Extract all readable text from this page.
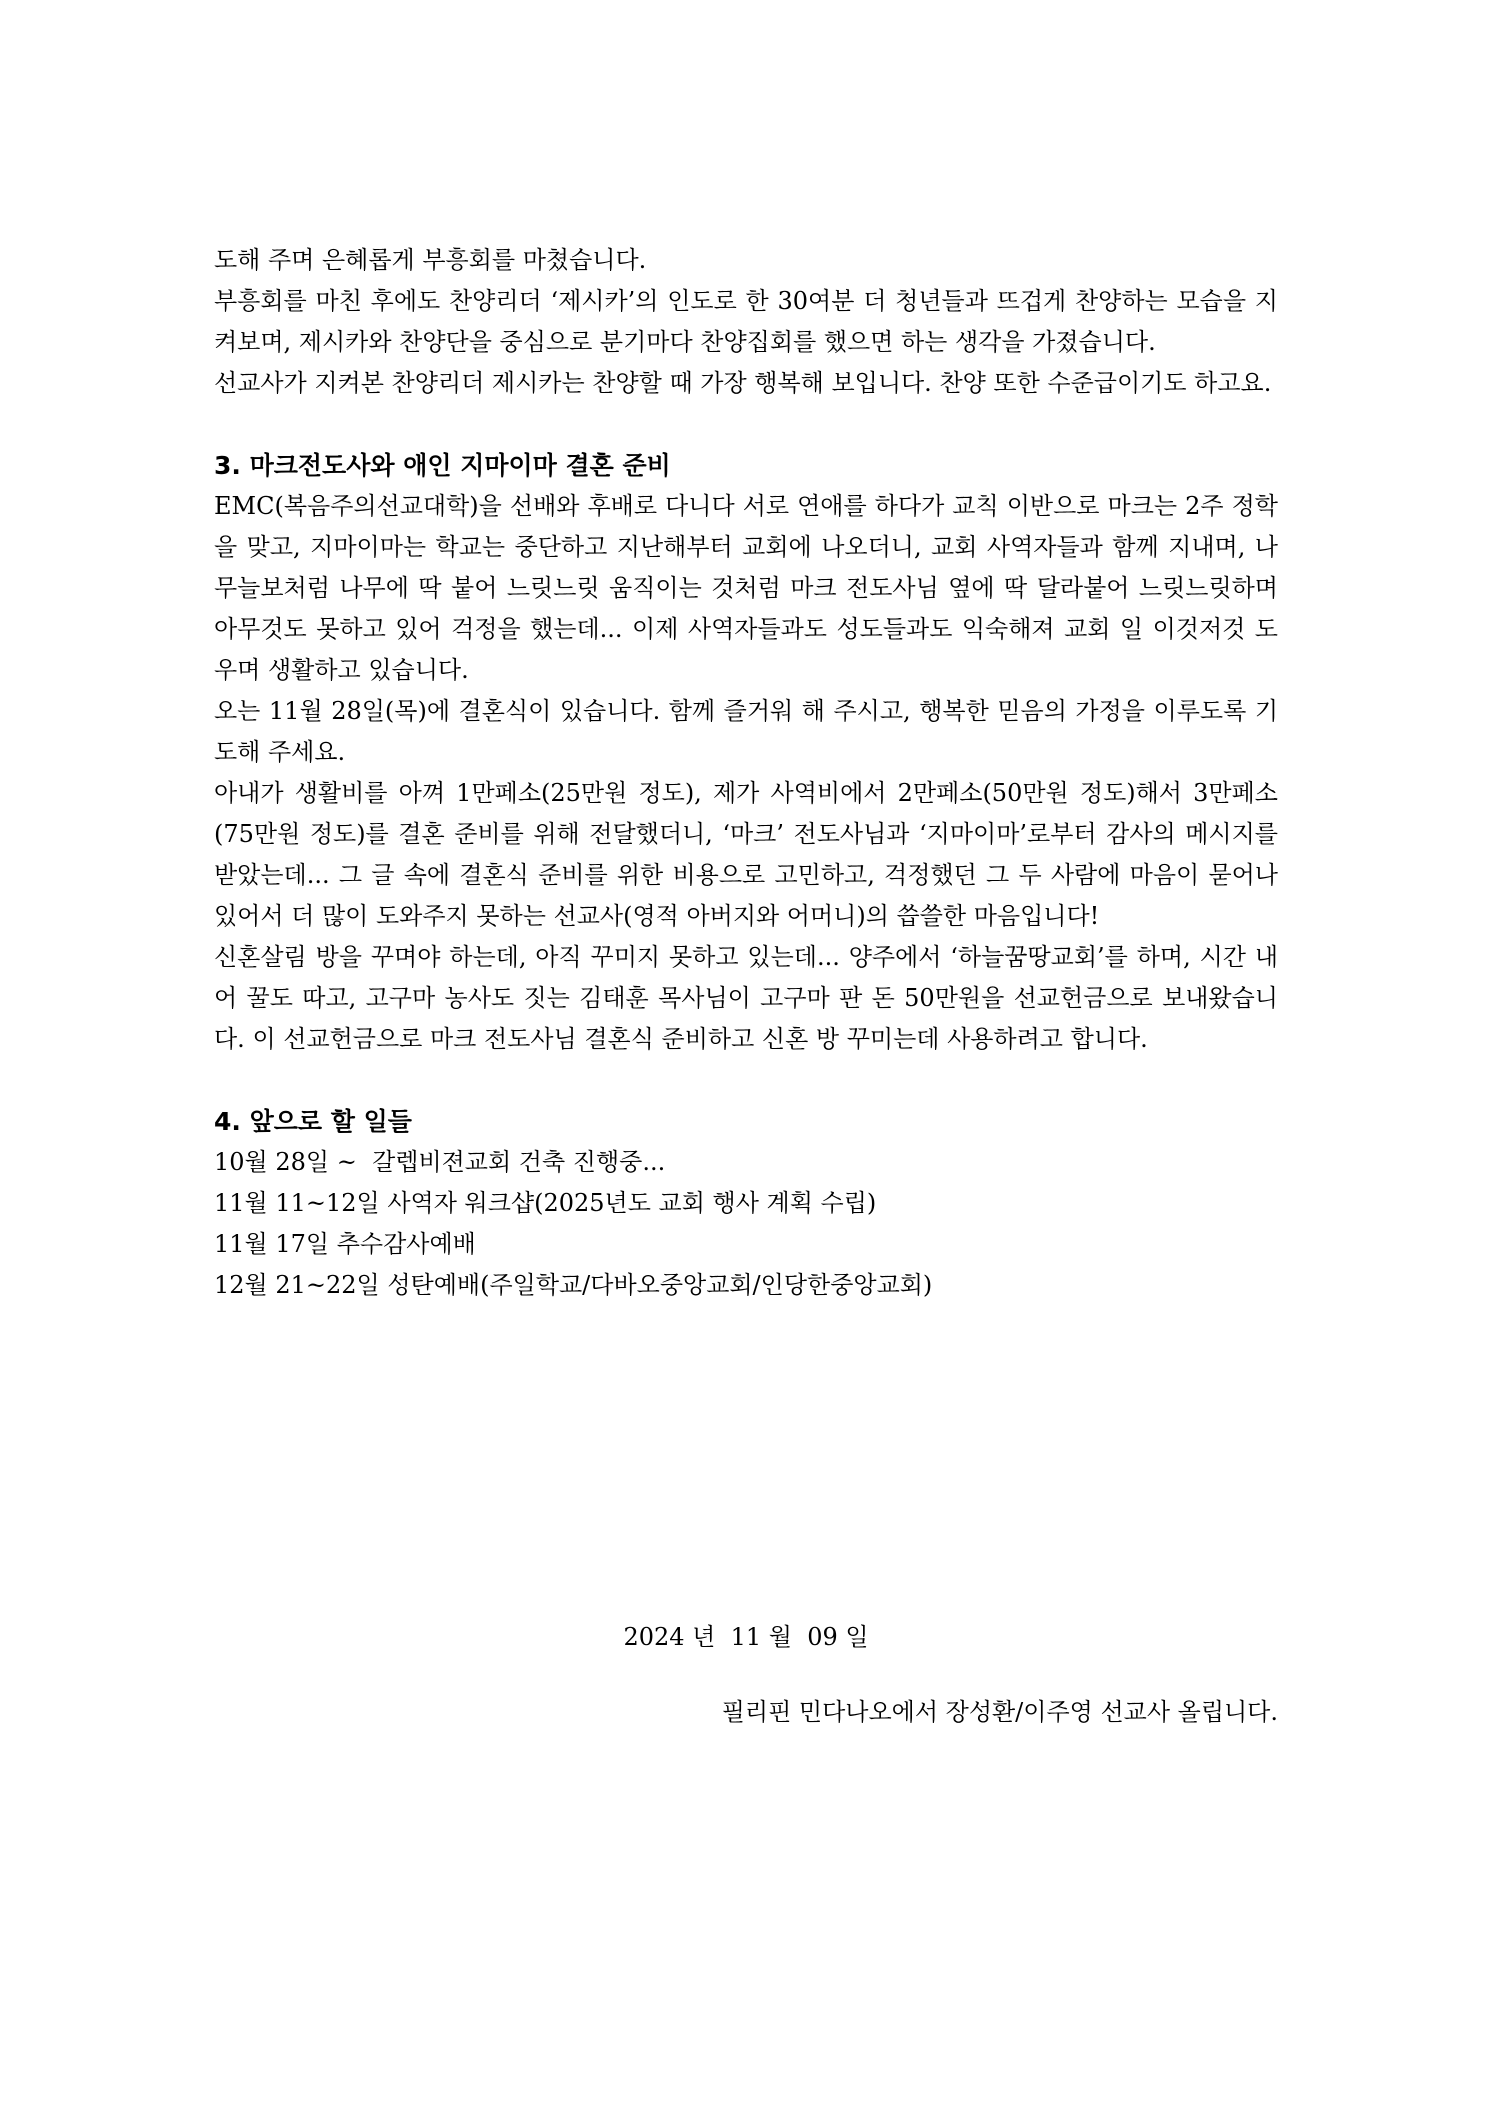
도해 주며 은혜롭게 부흥회를 마쳤습니다.

부흥회를 마친 후에도 찬양리더 ‘제시카’의 인도로 한 30여분 더 청년들과 뜨겁게 찬양하는 모습을 지켜보며, 제시카와 찬양단을 중심으로 분기마다 찬양집회를 했으면 하는 생각을 가졌습니다.

선교사가 지켜본 찬양리더 제시카는 찬양할 때 가장 행복해 보입니다. 찬양 또한 수준급이기도 하고요.

3. 마크전도사와 애인 지마이마 결혼 준비

EMC(복음주의선교대학)을 선배와 후배로 다니다 서로 연애를 하다가 교칙 이반으로 마크는 2주 정학을 맞고, 지마이마는 학교는 중단하고 지난해부터 교회에 나오더니, 교회 사역자들과 함께 지내며, 나무늘보처럼 나무에 딱 붙어 느릿느릿 움직이는 것처럼 마크 전도사님 옆에 딱 달라붙어 느릿느릿하며 아무것도 못하고 있어 걱정을 했는데... 이제 사역자들과도 성도들과도 익숙해져 교회 일 이것저것 도우며 생활하고 있습니다.

오는 11월 28일(목)에 결혼식이 있습니다. 함께 즐거워 해 주시고, 행복한 믿음의 가정을 이루도록 기도해 주세요.

아내가 생활비를 아껴 1만페소(25만원 정도), 제가 사역비에서 2만페소(50만원 정도)해서 3만페소(75만원 정도)를 결혼 준비를 위해 전달했더니, ‘마크’ 전도사님과 ‘지마이마’로부터 감사의 메시지를 받았는데... 그 글 속에 결혼식 준비를 위한 비용으로 고민하고, 걱정했던 그 두 사람에 마음이 묻어나 있어서 더 많이 도와주지 못하는 선교사(영적 아버지와 어머니)의 씁쓸한 마음입니다!

신혼살림 방을 꾸며야 하는데, 아직 꾸미지 못하고 있는데... 양주에서 ‘하늘꿈땅교회’를 하며, 시간 내어 꿀도 따고, 고구마 농사도 짓는 김태훈 목사님이 고구마 판 돈 50만원을 선교헌금으로 보내왔습니다. 이 선교헌금으로 마크 전도사님 결혼식 준비하고 신혼 방 꾸미는데 사용하려고 합니다.

4. 앞으로 할 일들

10월 28일 ~  갈렙비젼교회 건축 진행중...

11월 11~12일 사역자 워크샵(2025년도 교회 행사 계획 수립)

11월 17일 추수감사예배

12월 21~22일 성탄예배(주일학교/다바오중앙교회/인당한중앙교회)

2024 년  11 월  09 일
필리핀 민다나오에서 장성환/이주영 선교사 올립니다.
